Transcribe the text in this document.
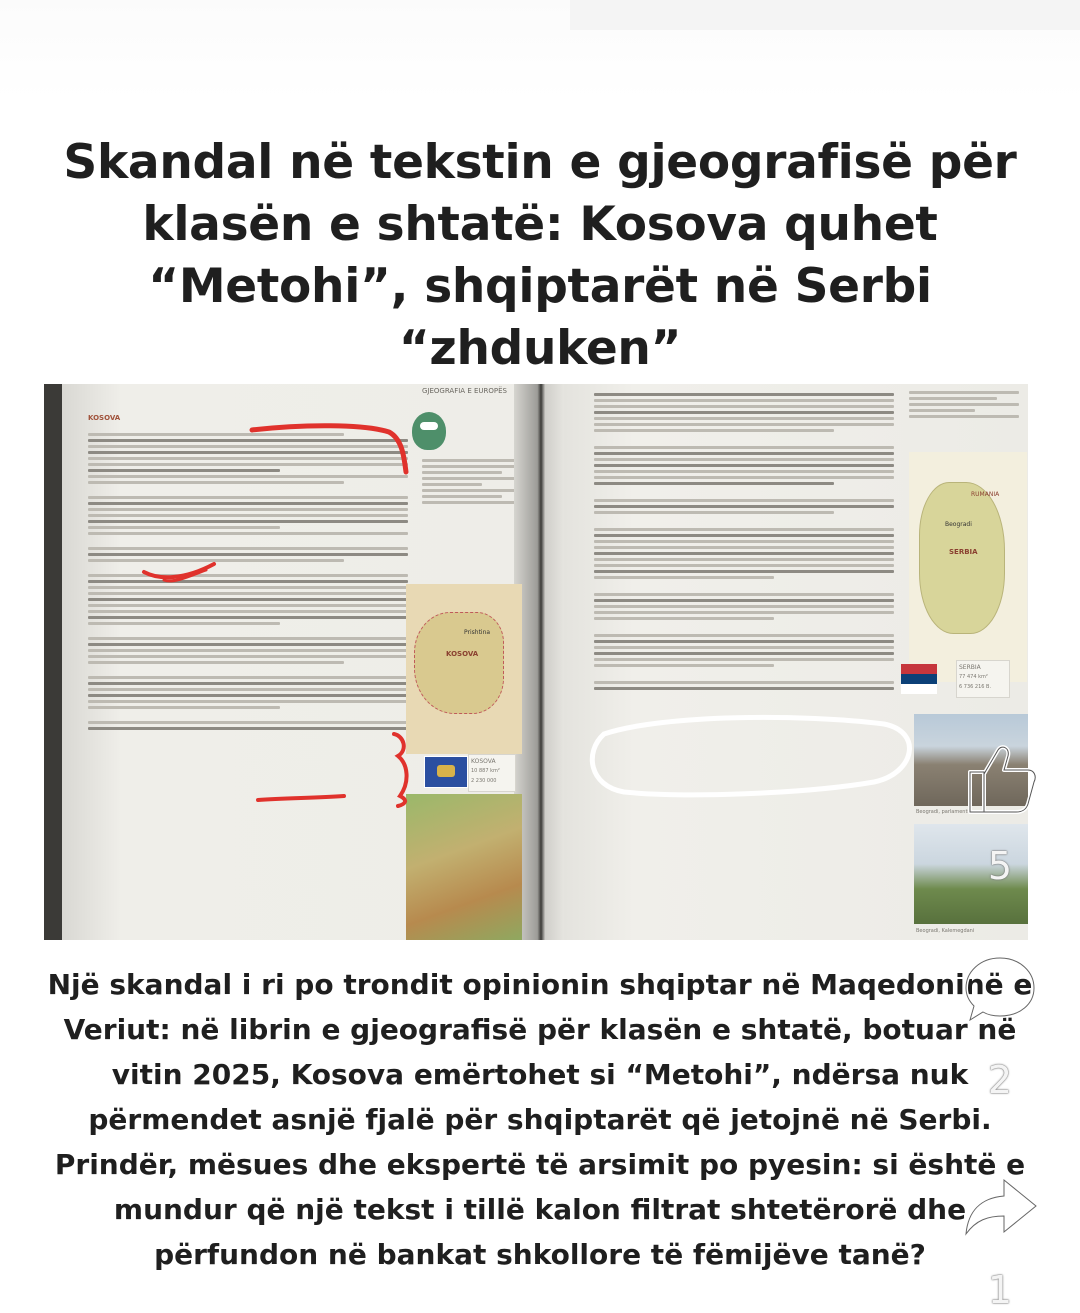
Skandal në tekstin e gjeografisë për klasën e shtatë: Kosova quhet “Metohi”, shqiptarët në Serbi “zhduken”
GJEOGRAFIA E EUROPËS
KOSOVA
KOSOVA
Prishtina
KOSOVA
10 887 km²
2 230 000
RUMANIA
SERBIA
Beogradi
SERBIA
77 474 km²
6 736 216 B.
Beogradi, parlamenti
Beogradi, Kalemegdani
Një skandal i ri po trondit opinionin shqiptar në Maqedoninë e Veriut: në librin e gjeografisë për klasën e shtatë, botuar në vitin 2025, Kosova emërtohet si “Metohi”, ndërsa nuk përmendet asnjë fjalë për shqiptarët që jetojnë në Serbi. Prindër, mësues dhe ekspertë të arsimit po pyesin: si është e mundur që një tekst i tillë kalon filtrat shtetërorë dhe përfundon në bankat shkollore të fëmijëve tanë?
5
2
1
